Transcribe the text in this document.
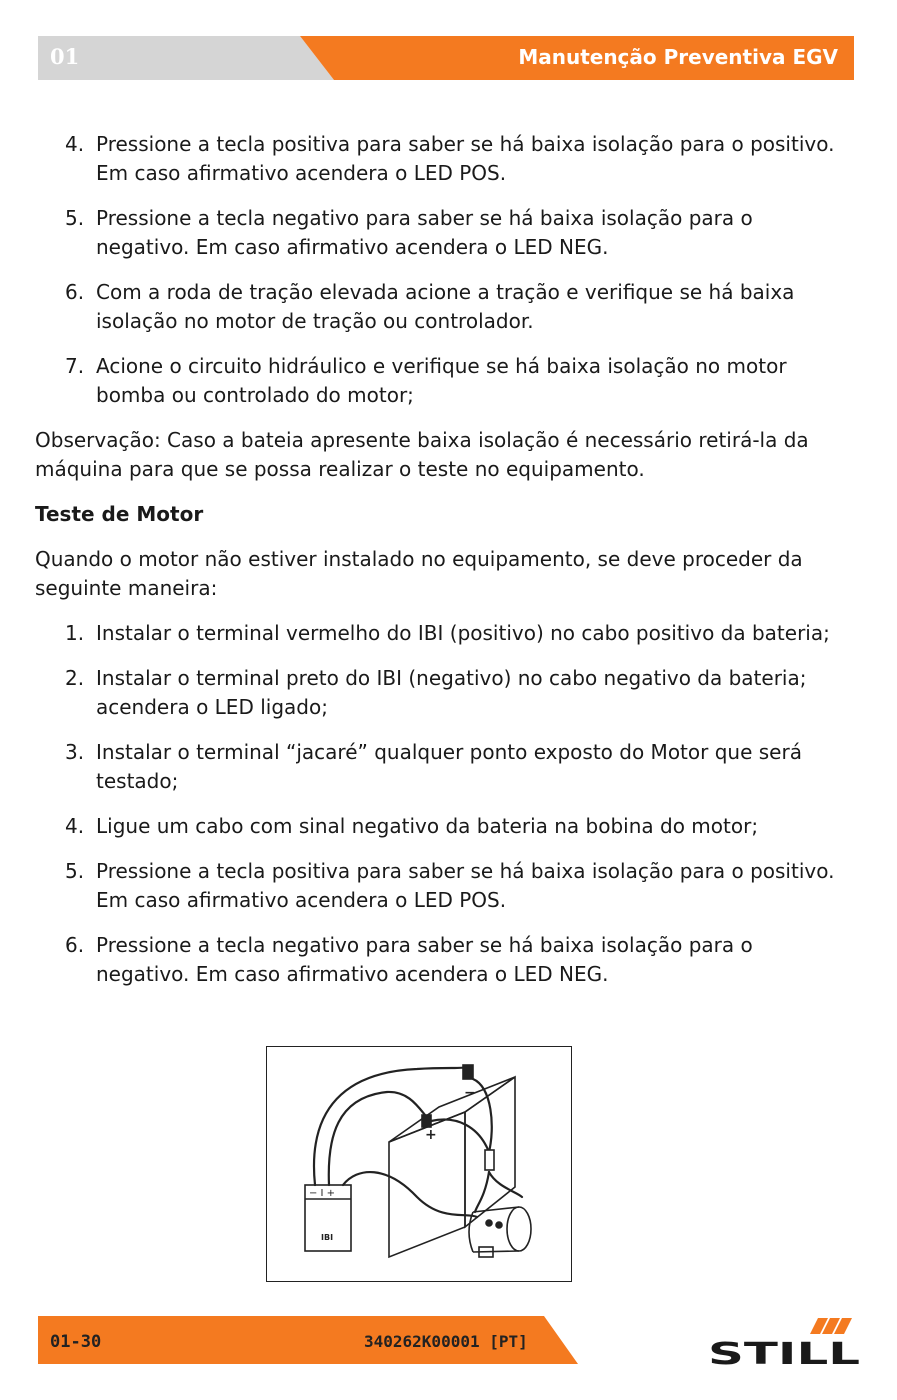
01	Manutenção Preventiva EGV
4. Pressione a tecla positiva para saber se há baixa isolação para o positivo. Em caso afirmativo acendera o LED POS.
5. Pressione a tecla negativo para saber se há baixa isolação para o negativo. Em caso afirmativo acendera o LED NEG.
6. Com a roda de tração elevada acione a tração e verifique se há baixa isolação no motor de tração ou controlador.
7. Acione o circuito hidráulico e verifique se há baixa isolação no motor bomba ou controlado do motor;

Observação: Caso a bateia apresente baixa isolação é necessário retirá-la da máquina para que se possa realizar o teste no equipamento.

Teste de Motor

Quando o motor não estiver instalado no equipamento, se deve proceder da seguinte maneira:

1. Instalar o terminal vermelho do IBI (positivo) no cabo positivo da bateria;
2. Instalar o terminal preto do IBI (negativo) no cabo negativo da bateria; acendera o LED ligado;
3. Instalar o terminal “jacaré” qualquer ponto exposto do Motor que será testado;
4. Ligue um cabo com sinal negativo da bateria na bobina do motor;
5. Pressione a tecla positiva para saber se há baixa isolação para o positivo. Em caso afirmativo acendera o LED POS.
6. Pressione a tecla negativo para saber se há baixa isolação para o negativo. Em caso afirmativo acendera o LED NEG.
+
−
− I +
IBI
01-30	340262K00001 [PT]	STILL
